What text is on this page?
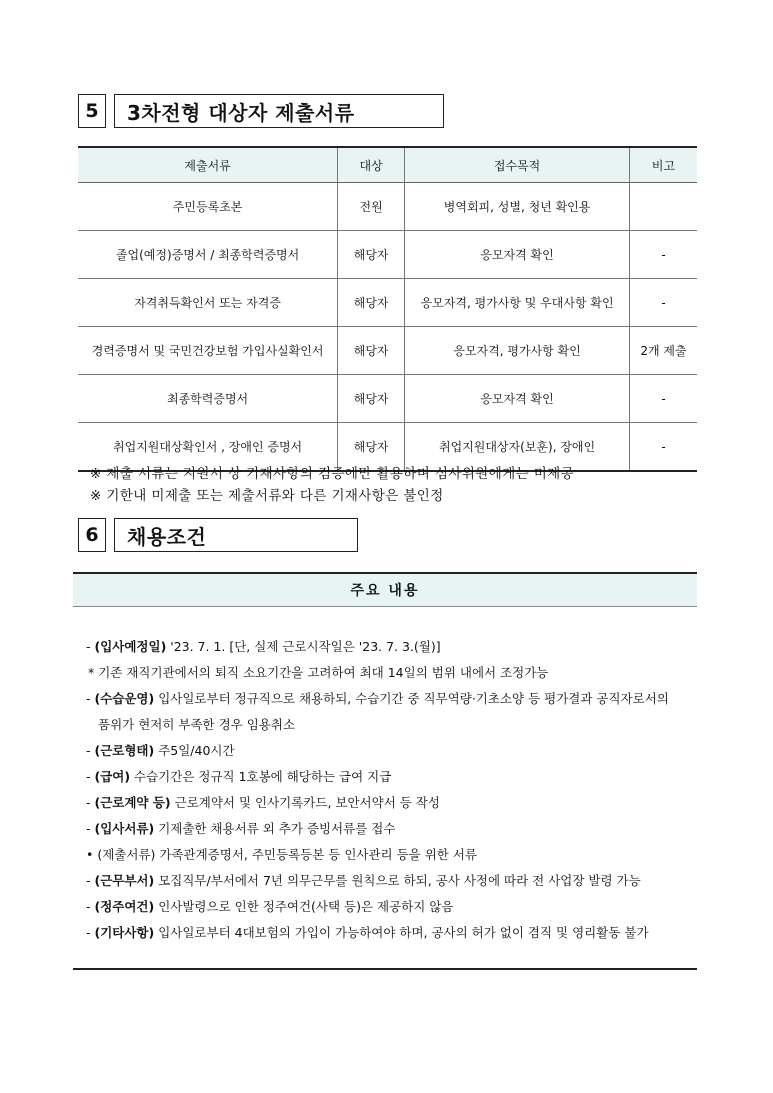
5	3차전형 대상자 제출서류
제출서류	대상	접수목적	비고
주민등록초본	전원	병역회피, 성별, 청년 확인용	
졸업(예정)증명서 / 최종학력증명서	해당자	응모자격 확인	-
자격취득확인서 또는 자격증	해당자	응모자격, 평가사항 및 우대사항 확인	-
경력증명서 및 국민건강보험 가입사실확인서	해당자	응모자격, 평가사항 확인	2개 제출
최종학력증명서	해당자	응모자격 확인	-
취업지원대상확인서 , 장애인 증명서	해당자	취업지원대상자(보훈), 장애인	-
※ 제출 서류는 지원서 상 기재사항의 검증에만 활용하며 심사위원에게는 미제공
※ 기한내 미제출 또는 제출서류와 다른 기재사항은 불인정
6	채용조건
주요 내용
- (입사예정일) '23. 7. 1. [단, 실제 근로시작일은 '23. 7. 3.(월)]
* 기존 재직기관에서의 퇴직 소요기간을 고려하여 최대 14일의 범위 내에서 조정가능
- (수습운영) 입사일로부터 정규직으로 채용하되, 수습기간 중 직무역량·기초소양 등 평가결과 공직자로서의
품위가 현저히 부족한 경우 임용취소
- (근로형태) 주5일/40시간
- (급여) 수습기간은 정규직 1호봉에 해당하는 급여 지급
- (근로계약 등) 근로계약서 및 인사기록카드, 보안서약서 등 작성
- (입사서류) 기제출한 채용서류 외 추가 증빙서류를 접수
• (제출서류) 가족관계증명서, 주민등록등본 등 인사관리 등을 위한 서류
- (근무부서) 모집직무/부서에서 7년 의무근무를 원칙으로 하되, 공사 사정에 따라 전 사업장 발령 가능
- (정주여건) 인사발령으로 인한 정주여건(사택 등)은 제공하지 않음
- (기타사항) 입사일로부터 4대보험의 가입이 가능하여야 하며, 공사의 허가 없이 겸직 및 영리활동 불가
